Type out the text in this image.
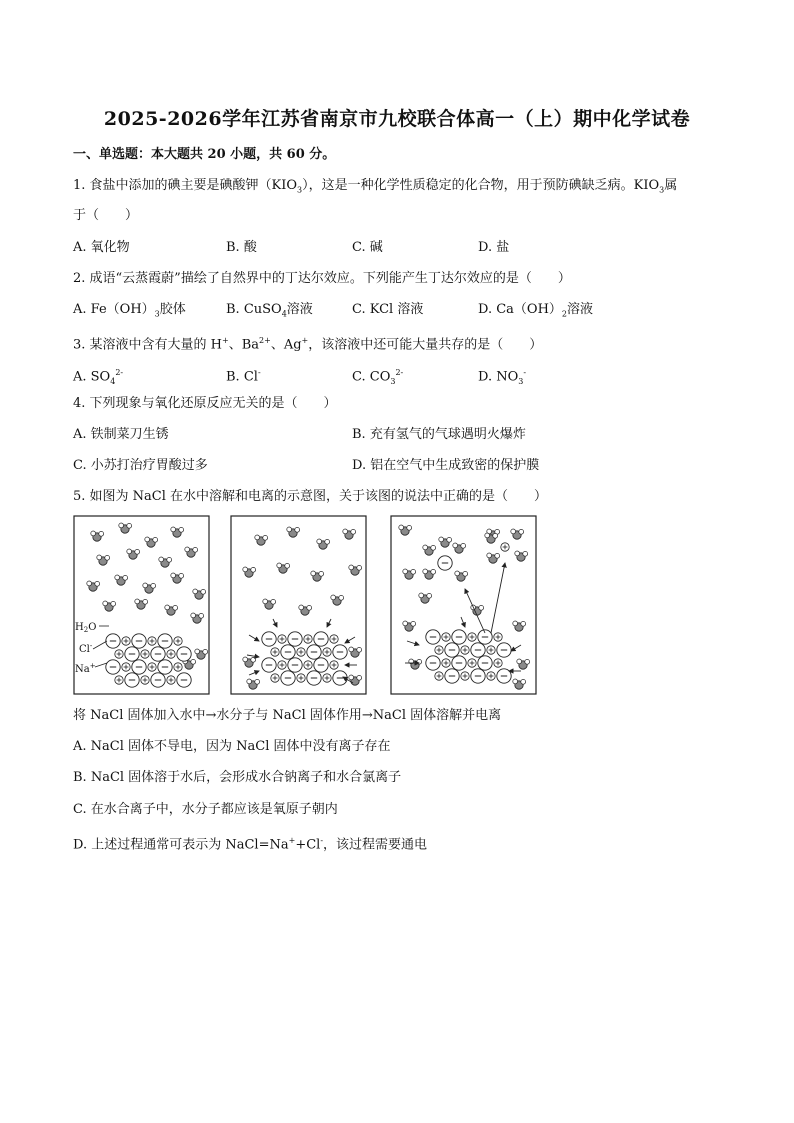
2025-2026学年江苏省南京市九校联合体高一（上）期中化学试卷
一、单选题：本大题共 20 小题，共 60 分。
1. 食盐中添加的碘主要是碘酸钾$(KIO_3)$，这是一种化学性质稳定的化合物，用于预防碘缺乏病。$KIO_3$属
于（　　）
A. 氧化物	B. 酸	C. 碱	D. 盐
2. 成语“云蒸霞蔚”描绘了自然界中的丁达尔效应。下列能产生丁达尔效应的是（　　）
A. $Fe(OH)_3$胶体	B. CuSO$_4$溶液	C. KCl 溶液	D. $Ca(OH)_2$溶液
3. 某溶液中含有大量的 H+、$Ba^{2+}$、Ag+，该溶液中还可能大量共存的是（　　）
A. $SO_4^{2-}$	B. Cl-	C. $CO_3^{2-}$	D. $NO_3^-$
4. 下列现象与氧化还原反应无关的是（　　）
A. 铁制菜刀生锈	B. 充有氢气的气球遇明火爆炸
C. 小苏打治疗胃酸过多	D. 铝在空气中生成致密的保护膜
5. 如图为 NaCl 在水中溶解和电离的示意图，关于该图的说法中正确的是（　　）
$H_2O$
Cl-
Na+
将 NaCl 固体加入水中→水分子与 NaCl 固体作用→NaCl 固体溶解并电离
A. NaCl 固体不导电，因为 NaCl 固体中没有离子存在
B. NaCl 固体溶于水后，会形成水合钠离子和水合氯离子
C. 在水合离子中，水分子都应该是氧原子朝内
D. 上述过程通常可表示为 NaCl=Na++Cl-，该过程需要通电
